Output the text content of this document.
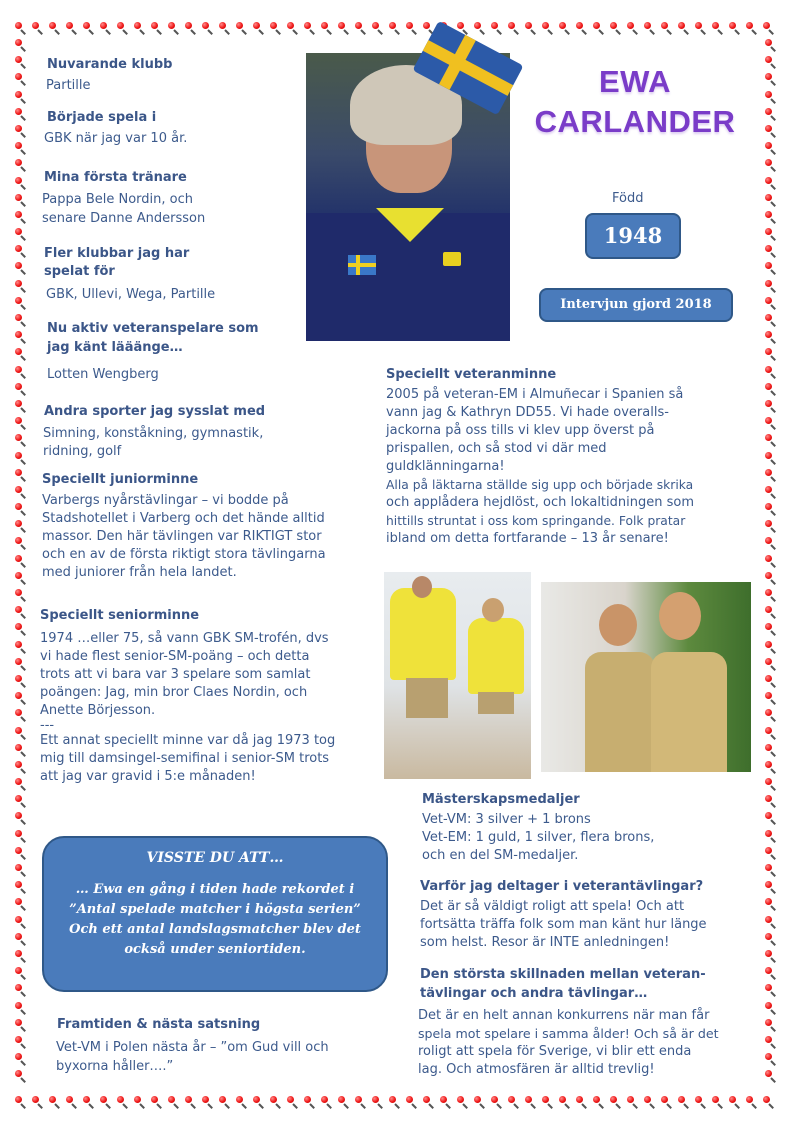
Nuvarande klubb
Partille
Började spela i
GBK när jag var 10 år.
Mina första tränare
Pappa Bele Nordin, och
senare Danne Andersson
Fler klubbar jag har
spelat för
GBK, Ullevi, Wega, Partille
Nu aktiv veteranspelare som
jag känt lääänge…
Lotten Wengberg
Andra sporter jag sysslat med
Simning, konståkning, gymnastik,
ridning, golf
Speciellt juniorminne
Varbergs nyårstävlingar – vi bodde på
Stadshotellet i Varberg och det hände alltid
massor. Den här tävlingen var RIKTIGT stor
och en av de första riktigt stora tävlingarna
med juniorer från hela landet.
Speciellt seniorminne
1974 …eller 75, så vann GBK SM-trofén, dvs
vi hade flest senior-SM-poäng – och detta
trots att vi bara var 3 spelare som samlat
poängen: Jag, min bror Claes Nordin, och
Anette Börjesson.
---
Ett annat speciellt minne var då jag 1973 tog
mig till damsingel-semifinal i senior-SM trots
att jag var gravid i 5:e månaden!
VISSTE DU ATT…
… Ewa en gång i tiden hade rekordet i
”Antal spelade matcher i högsta serien”
Och ett antal landslagsmatcher blev det
också under seniortiden.
Framtiden & nästa satsning
Vet-VM i Polen nästa år – ”om Gud vill och
byxorna håller….”
EWA
CARLANDER
Född
1948
Intervjun gjord 2018
Speciellt veteranminne
2005 på veteran-EM i Almuñecar i Spanien så
vann jag & Kathryn DD55. Vi hade overalls-
jackorna på oss tills vi klev upp överst på
prispallen, och så stod vi där med
guldklänningarna!
Alla på läktarna ställde sig upp och började skrika
och applådera hejdlöst, och lokaltidningen som
hittills struntat i oss kom springande. Folk pratar
ibland om detta fortfarande – 13 år senare!
Mästerskapsmedaljer
Vet-VM: 3 silver + 1 brons
Vet-EM: 1 guld, 1 silver, flera brons,
och en del SM-medaljer.
Varför jag deltager i veterantävlingar?
Det är så väldigt roligt att spela! Och att
fortsätta träffa folk som man känt hur länge
som helst. Resor är INTE anledningen!
Den största skillnaden mellan veteran-
tävlingar och andra tävlingar…
Det är en helt annan konkurrens när man får
spela mot spelare i samma ålder! Och så är det
roligt att spela för Sverige, vi blir ett enda
lag. Och atmosfären är alltid trevlig!
